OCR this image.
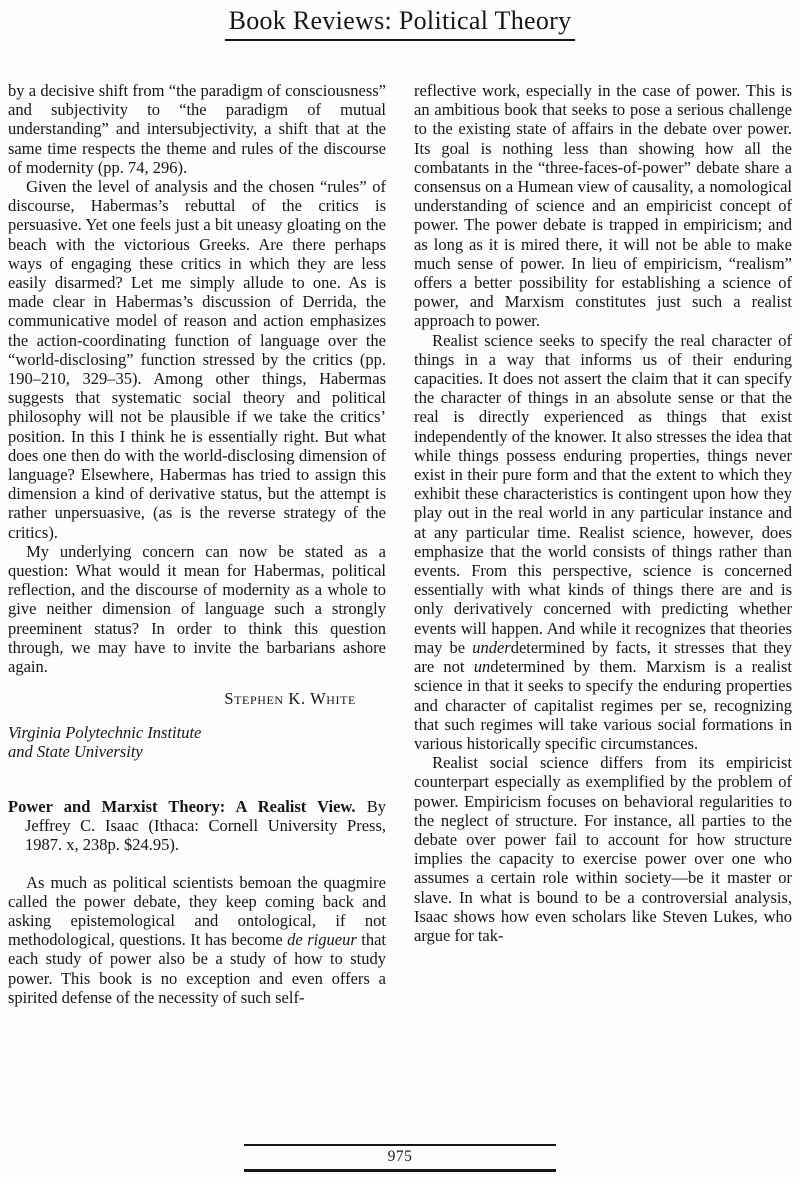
Book Reviews: Political Theory

by a decisive shift from “the paradigm of consciousness” and subjectivity to “the paradigm of mutual understanding” and intersubjectivity, a shift that at the same time respects the theme and rules of the discourse of modernity (pp. 74, 296).

Given the level of analysis and the chosen “rules” of discourse, Habermas’s rebuttal of the critics is persuasive. Yet one feels just a bit uneasy gloating on the beach with the victorious Greeks. Are there perhaps ways of engaging these critics in which they are less easily disarmed? Let me simply allude to one. As is made clear in Habermas’s discussion of Derrida, the communicative model of reason and action emphasizes the action-coordinating function of language over the “world-disclosing” function stressed by the critics (pp. 190–210, 329–35). Among other things, Habermas suggests that systematic social theory and political philosophy will not be plausible if we take the critics’ position. In this I think he is essentially right. But what does one then do with the world-disclosing dimension of language? Elsewhere, Habermas has tried to assign this dimension a kind of derivative status, but the attempt is rather unpersuasive, (as is the reverse strategy of the critics).

My underlying concern can now be stated as a question: What would it mean for Habermas, political reflection, and the discourse of modernity as a whole to give neither dimension of language such a strongly preeminent status? In order to think this question through, we may have to invite the barbarians ashore again.

Stephen K. White
Virginia Polytechnic Institute
and State University

Power and Marxist Theory: A Realist View. By Jeffrey C. Isaac (Ithaca: Cornell University Press, 1987. x, 238p. $24.95).

As much as political scientists bemoan the quagmire called the power debate, they keep coming back and asking epistemological and ontological, if not methodological, questions. It has become de rigueur that each study of power also be a study of how to study power. This book is no exception and even offers a spirited defense of the necessity of such self-

reflective work, especially in the case of power. This is an ambitious book that seeks to pose a serious challenge to the existing state of affairs in the debate over power. Its goal is nothing less than showing how all the combatants in the “three-faces-of-power” debate share a consensus on a Humean view of causality, a nomological understanding of science and an empiricist concept of power. The power debate is trapped in empiricism; and as long as it is mired there, it will not be able to make much sense of power. In lieu of empiricism, “realism” offers a better possibility for establishing a science of power, and Marxism constitutes just such a realist approach to power.

Realist science seeks to specify the real character of things in a way that informs us of their enduring capacities. It does not assert the claim that it can specify the character of things in an absolute sense or that the real is directly experienced as things that exist independently of the knower. It also stresses the idea that while things possess enduring properties, things never exist in their pure form and that the extent to which they exhibit these characteristics is contingent upon how they play out in the real world in any particular instance and at any particular time. Realist science, however, does emphasize that the world consists of things rather than events. From this perspective, science is concerned essentially with what kinds of things there are and is only derivatively concerned with predicting whether events will happen. And while it recognizes that theories may be underdetermined by facts, it stresses that they are not undetermined by them. Marxism is a realist science in that it seeks to specify the enduring properties and character of capitalist regimes per se, recognizing that such regimes will take various social formations in various historically specific circumstances.

Realist social science differs from its empiricist counterpart especially as exemplified by the problem of power. Empiricism focuses on behavioral regularities to the neglect of structure. For instance, all parties to the debate over power fail to account for how structure implies the capacity to exercise power over one who assumes a certain role within society—be it master or slave. In what is bound to be a controversial analysis, Isaac shows how even scholars like Steven Lukes, who argue for tak-

975
